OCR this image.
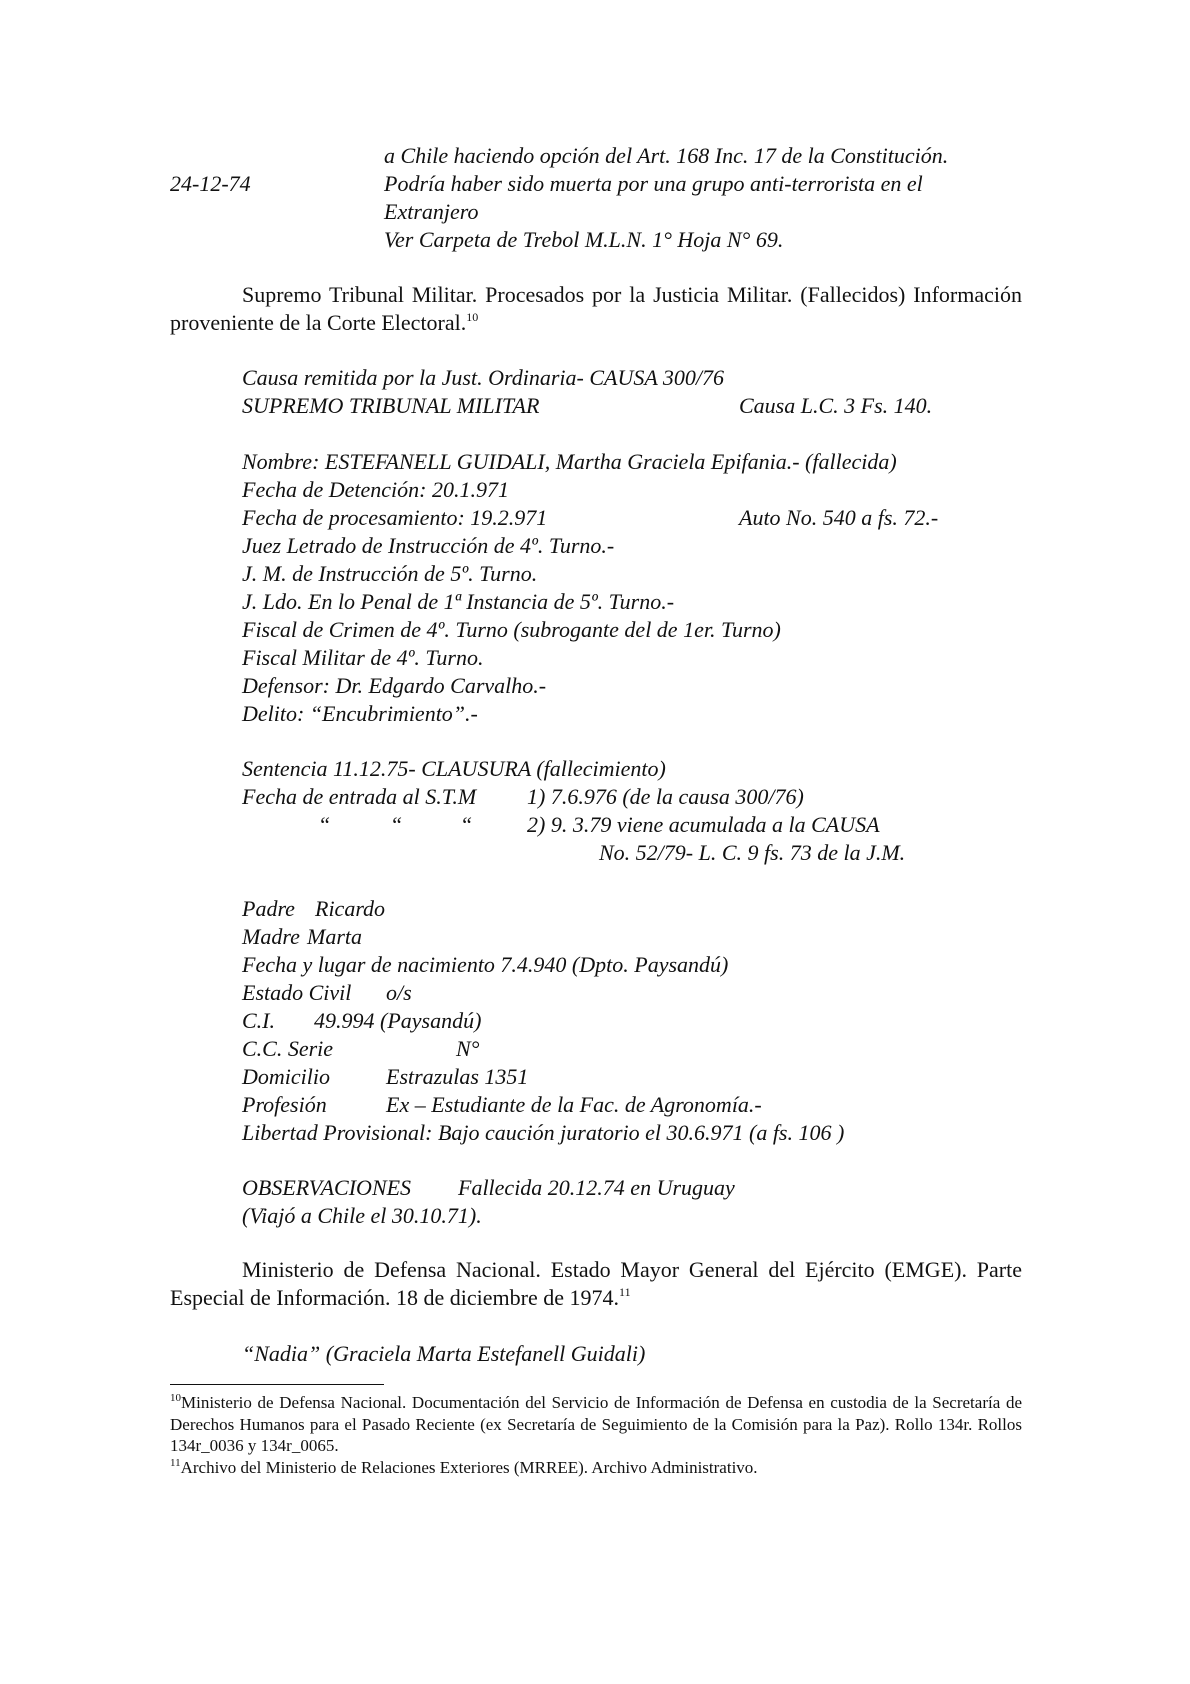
a Chile haciendo opción del Art. 168 Inc. 17 de la Constitución.
24-12-74	Podría haber sido muerta por una grupo anti-terrorista en el
Extranjero
Ver Carpeta de Trebol M.L.N. 1° Hoja N° 69.
Supremo Tribunal Militar. Procesados por la Justicia Militar. (Fallecidos) Información proveniente de la Corte Electoral.$^{10}$
Causa remitida por la Just. Ordinaria- CAUSA 300/76
SUPREMO TRIBUNAL MILITAR	Causa L.C. 3 Fs. 140.
Nombre: ESTEFANELL GUIDALI, Martha Graciela Epifania.- (fallecida)
Fecha de Detención: 20.1.971
Fecha de procesamiento: 19.2.971	Auto No. 540 a fs. 72.-
Juez Letrado de Instrucción de 4º. Turno.-
J. M. de Instrucción de 5º. Turno.
J. Ldo. En lo Penal de 1ª Instancia de 5º. Turno.-
Fiscal de Crimen de 4º. Turno (subrogante del de 1er. Turno)
Fiscal Militar de 4º. Turno.
Defensor: Dr. Edgardo Carvalho.-
Delito: “Encubrimiento”.-
Sentencia 11.12.75- CLAUSURA (fallecimiento)
Fecha de entrada al S.T.M 1) 7.6.976 (de la causa 300/76)
“	“	“ 2) 9. 3.79 viene acumulada a la CAUSA
No. 52/79- L. C. 9 fs. 73 de la J.M.
Padre Ricardo
Madre Marta
Fecha y lugar de nacimiento 7.4.940 (Dpto. Paysandú)
Estado Civil o/s
C.I. 49.994 (Paysandú)
C.C. Serie	N°
Domicilio	Estrazulas 1351
Profesión	Ex – Estudiante de la Fac. de Agronomía.-
Libertad Provisional: Bajo caución juratorio el 30.6.971 (a fs. 106 )
OBSERVACIONES Fallecida 20.12.74 en Uruguay
(Viajó a Chile el 30.10.71).
Ministerio de Defensa Nacional. Estado Mayor General del Ejército (EMGE). Parte Especial de Información. 18 de diciembre de 1974.11
“Nadia” (Graciela Marta Estefanell Guidali)
$^{10}$Ministerio de Defensa Nacional. Documentación del Servicio de Información de Defensa en custodia de la Secretaría de Derechos Humanos para el Pasado Reciente (ex Secretaría de Seguimiento de la Comisión para la Paz). Rollo 134r. Rollos 134r_0036 y 134r_0065.
$^{11}$Archivo del Ministerio de Relaciones Exteriores (MRREE). Archivo Administrativo.
